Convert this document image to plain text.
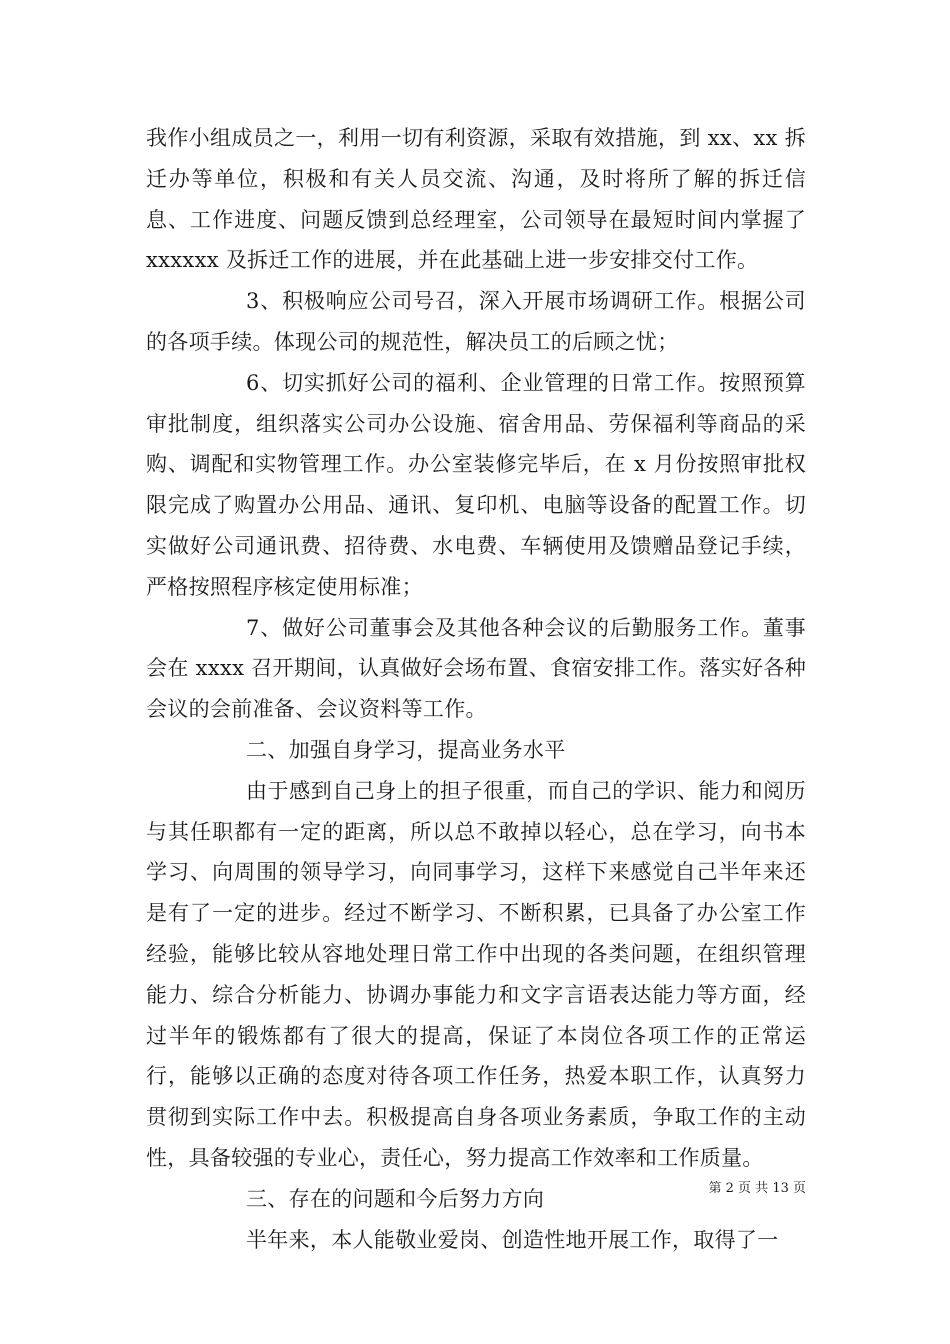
我作小组成员之一，利用一切有利资源，采取有效措施，到 xx、xx 拆迁办等单位，积极和有关人员交流、沟通，及时将所了解的拆迁信息、工作进度、问题反馈到总经理室，公司领导在最短时间内掌握了 xxxxxx 及拆迁工作的进展，并在此基础上进一步安排交付工作。

3、积极响应公司号召，深入开展市场调研工作。根据公司的各项手续。体现公司的规范性，解决员工的后顾之忧；

6、切实抓好公司的福利、企业管理的日常工作。按照预算审批制度，组织落实公司办公设施、宿舍用品、劳保福利等商品的采购、调配和实物管理工作。办公室装修完毕后，在 x 月份按照审批权限完成了购置办公用品、通讯、复印机、电脑等设备的配置工作。切实做好公司通讯费、招待费、水电费、车辆使用及馈赠品登记手续，严格按照程序核定使用标准；

7、做好公司董事会及其他各种会议的后勤服务工作。董事会在 xxxx 召开期间，认真做好会场布置、食宿安排工作。落实好各种会议的会前准备、会议资料等工作。

二、加强自身学习，提高业务水平

由于感到自己身上的担子很重，而自己的学识、能力和阅历与其任职都有一定的距离，所以总不敢掉以轻心，总在学习，向书本学习、向周围的领导学习，向同事学习，这样下来感觉自己半年来还是有了一定的进步。经过不断学习、不断积累，已具备了办公室工作经验，能够比较从容地处理日常工作中出现的各类问题，在组织管理能力、综合分析能力、协调办事能力和文字言语表达能力等方面，经过半年的锻炼都有了很大的提高，保证了本岗位各项工作的正常运行，能够以正确的态度对待各项工作任务，热爱本职工作，认真努力贯彻到实际工作中去。积极提高自身各项业务素质，争取工作的主动性，具备较强的专业心，责任心，努力提高工作效率和工作质量。

三、存在的问题和今后努力方向

半年来，本人能敬业爱岗、创造性地开展工作，取得了一

第 2 页 共 13 页
